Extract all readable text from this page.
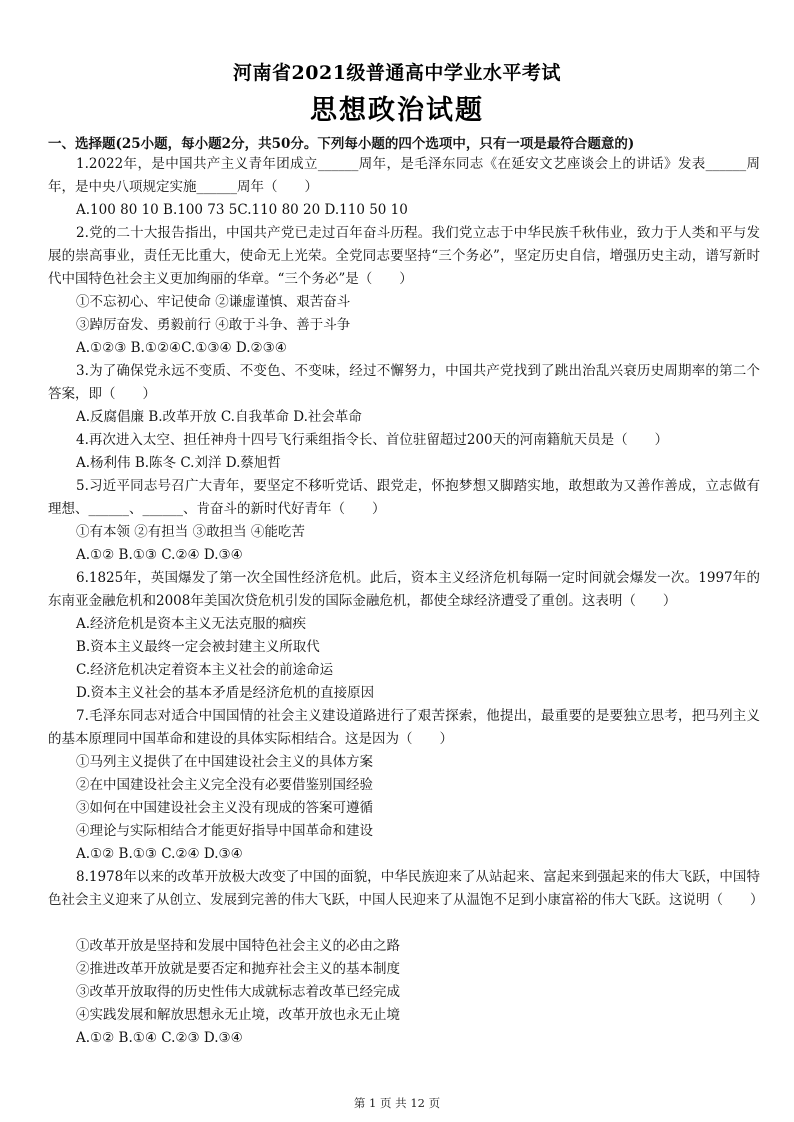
河南省2021级普通高中学业水平考试
思想政治试题
一、选择题(25小题，每小题2分，共50分。下列每小题的四个选项中，只有一项是最符合题意的)

1.2022年，是中国共产主义青年团成立______周年，是毛泽东同志《在延安文艺座谈会上的讲话》发表______周年，是中央八项规定实施______周年（　　）

A.100 80 10 B.100 73 5C.110 80 20 D.110 50 10

2.党的二十大报告指出，中国共产党已走过百年奋斗历程。我们党立志于中华民族千秋伟业，致力于人类和平与发展的崇高事业，责任无比重大，使命无上光荣。全党同志要坚持“三个务必”，坚定历史自信，增强历史主动，谱写新时代中国特色社会主义更加绚丽的华章。“三个务必”是（　　）

①不忘初心、牢记使命 ②谦虚谨慎、艰苦奋斗

③踔厉奋发、勇毅前行 ④敢于斗争、善于斗争

A.①②③ B.①②④C.①③④ D.②③④

3.为了确保党永远不变质、不变色、不变味，经过不懈努力，中国共产党找到了跳出治乱兴衰历史周期率的第二个答案，即（　　）

A.反腐倡廉 B.改革开放 C.自我革命 D.社会革命

4.再次进入太空、担任神舟十四号飞行乘组指令长、首位驻留超过200天的河南籍航天员是（　　）

A.杨利伟 B.陈冬 C.刘洋 D.蔡旭哲

5.习近平同志号召广大青年，要坚定不移听党话、跟党走，怀抱梦想又脚踏实地，敢想敢为又善作善成，立志做有理想、______、______、肯奋斗的新时代好青年（　　）

①有本领 ②有担当 ③敢担当 ④能吃苦

A.①② B.①③ C.②④ D.③④

6.1825年，英国爆发了第一次全国性经济危机。此后，资本主义经济危机每隔一定时间就会爆发一次。1997年的东南亚金融危机和2008年美国次贷危机引发的国际金融危机，都使全球经济遭受了重创。这表明（　　）

A.经济危机是资本主义无法克服的痼疾

B.资本主义最终一定会被封建主义所取代

C.经济危机决定着资本主义社会的前途命运

D.资本主义社会的基本矛盾是经济危机的直接原因

7.毛泽东同志对适合中国国情的社会主义建设道路进行了艰苦探索，他提出，最重要的是要独立思考，把马列主义的基本原理同中国革命和建设的具体实际相结合。这是因为（　　）

①马列主义提供了在中国建设社会主义的具体方案

②在中国建设社会主义完全没有必要借鉴别国经验

③如何在中国建设社会主义没有现成的答案可遵循

④理论与实际相结合才能更好指导中国革命和建设

A.①② B.①③ C.②④ D.③④

8.1978年以来的改革开放极大改变了中国的面貌，中华民族迎来了从站起来、富起来到强起来的伟大飞跃，中国特色社会主义迎来了从创立、发展到完善的伟大飞跃，中国人民迎来了从温饱不足到小康富裕的伟大飞跃。这说明（　　）

①改革开放是坚持和发展中国特色社会主义的必由之路

②推进改革开放就是要否定和抛弃社会主义的基本制度

③改革开放取得的历史性伟大成就标志着改革已经完成

④实践发展和解放思想永无止境，改革开放也永无止境

A.①② B.①④ C.②③ D.③④

第 1 页 共 12 页
